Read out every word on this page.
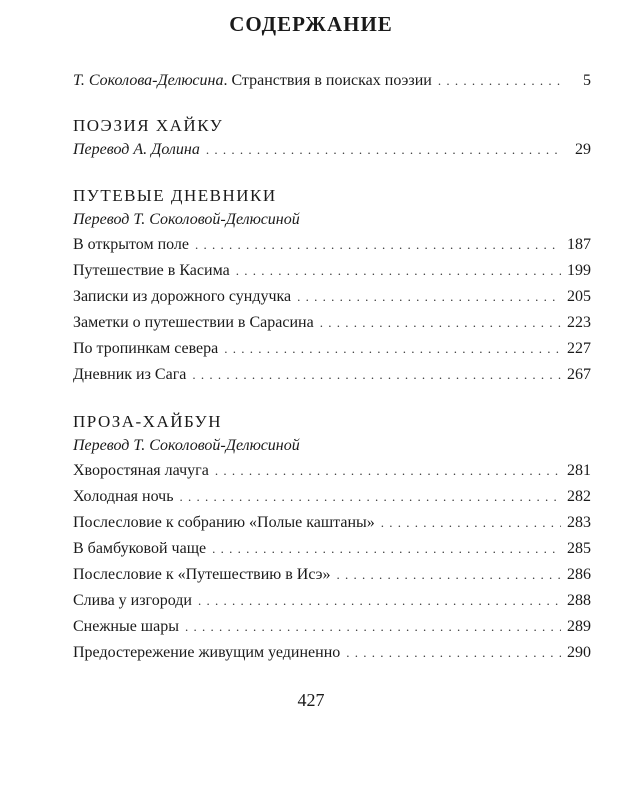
СОДЕРЖАНИЕ
Т. Соколова-Делюсина. Странствия в поисках поэзии . . .	5
ПОЭЗИЯ ХАЙКУ
Перевод А. Долина . . .	29
ПУТЕВЫЕ ДНЕВНИКИ
Перевод Т. Соколовой-Делюсиной
В открытом поле . . .	187
Путешествие в Касима . . .	199
Записки из дорожного сундучка . . .	205
Заметки о путешествии в Сарасина . . .	223
По тропинкам севера . . .	227
Дневник из Сага . . .	267
ПРОЗА-ХАЙБУН
Перевод Т. Соколовой-Делюсиной
Хворостяная лачуга . . .	281
Холодная ночь . . .	282
Послесловие к собранию «Полые каштаны» . . .	283
В бамбуковой чаще . . .	285
Послесловие к «Путешествию в Исэ» . . .	286
Слива у изгороди . . .	288
Снежные шары . . .	289
Предостережение живущим уединенно . . .	290
427
